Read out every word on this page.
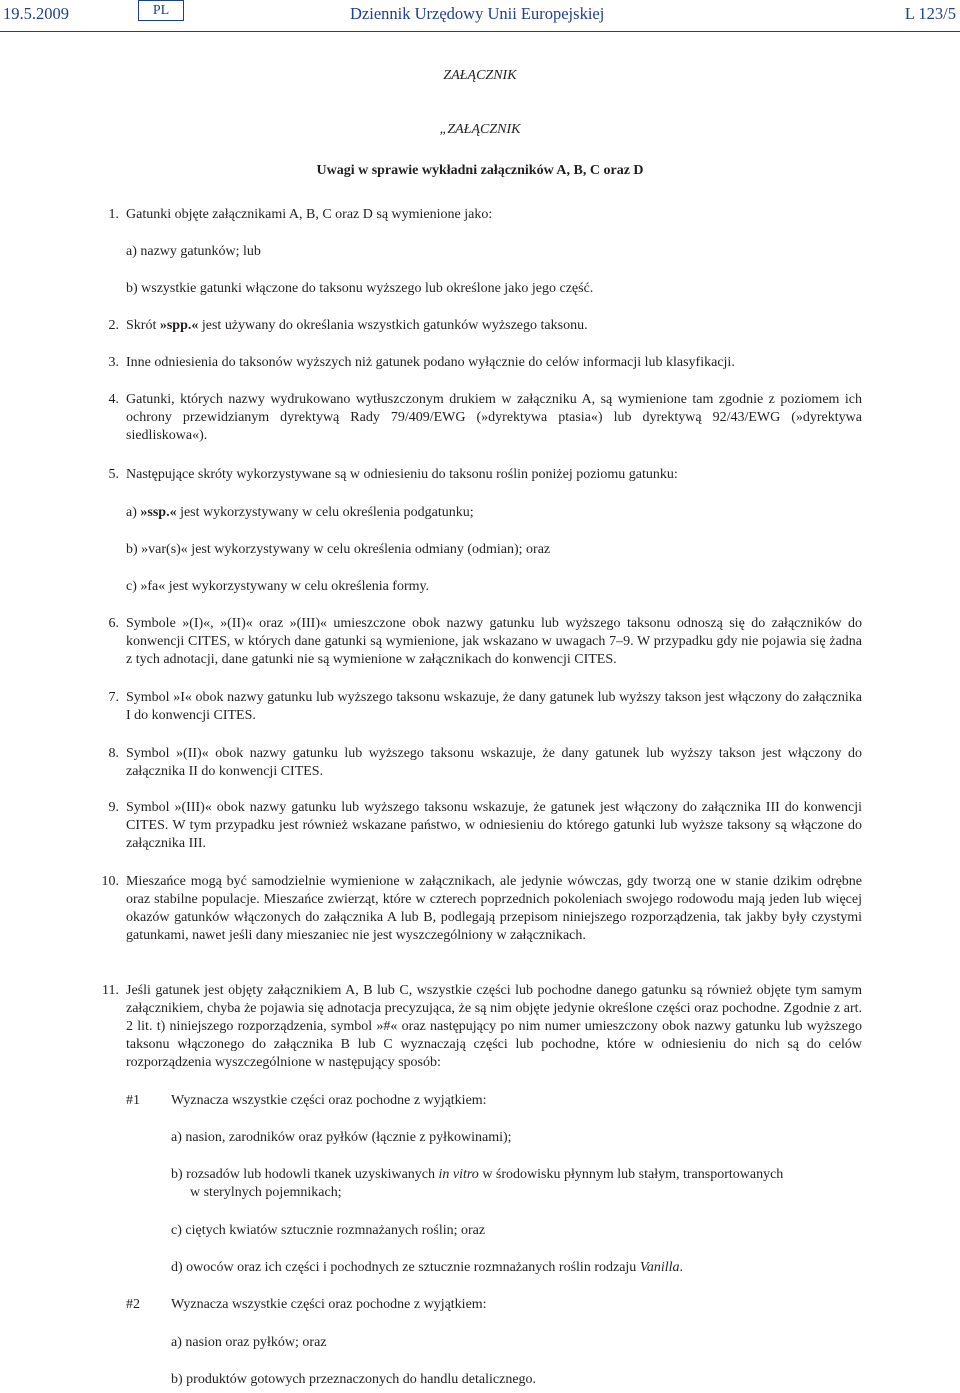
19.5.2009	PL	Dziennik Urzędowy Unii Europejskiej	L 123/5
ZAŁĄCZNIK
„ZAŁĄCZNIK
Uwagi w sprawie wykładni załączników A, B, C oraz D
1. Gatunki objęte załącznikami A, B, C oraz D są wymienione jako:
a) nazwy gatunków; lub
b) wszystkie gatunki włączone do taksonu wyższego lub określone jako jego część.
2. Skrót »spp.« jest używany do określania wszystkich gatunków wyższego taksonu.
3. Inne odniesienia do taksonów wyższych niż gatunek podano wyłącznie do celów informacji lub klasyfikacji.
4. Gatunki, których nazwy wydrukowano wytłuszczonym drukiem w załączniku A, są wymienione tam zgodnie z poziomem ich ochrony przewidzianym dyrektywą Rady 79/409/EWG (»dyrektywa ptasia«) lub dyrektywą 92/43/EWG (»dyrektywa siedliskowa«).
5. Następujące skróty wykorzystywane są w odniesieniu do taksonu roślin poniżej poziomu gatunku:
a) »ssp.« jest wykorzystywany w celu określenia podgatunku;
b) »var(s)« jest wykorzystywany w celu określenia odmiany (odmian); oraz
c) »fa« jest wykorzystywany w celu określenia formy.
6. Symbole »(I)«, »(II)« oraz »(III)« umieszczone obok nazwy gatunku lub wyższego taksonu odnoszą się do załączników do konwencji CITES, w których dane gatunki są wymienione, jak wskazano w uwagach 7–9. W przypadku gdy nie pojawia się żadna z tych adnotacji, dane gatunki nie są wymienione w załącznikach do konwencji CITES.
7. Symbol »I« obok nazwy gatunku lub wyższego taksonu wskazuje, że dany gatunek lub wyższy takson jest włączony do załącznika I do konwencji CITES.
8. Symbol »(II)« obok nazwy gatunku lub wyższego taksonu wskazuje, że dany gatunek lub wyższy takson jest włączony do załącznika II do konwencji CITES.
9. Symbol »(III)« obok nazwy gatunku lub wyższego taksonu wskazuje, że gatunek jest włączony do załącznika III do konwencji CITES. W tym przypadku jest również wskazane państwo, w odniesieniu do którego gatunki lub wyższe taksony są włączone do załącznika III.
10. Mieszańce mogą być samodzielnie wymienione w załącznikach, ale jedynie wówczas, gdy tworzą one w stanie dzikim odrębne oraz stabilne populacje. Mieszańce zwierząt, które w czterech poprzednich pokoleniach swojego rodowodu mają jeden lub więcej okazów gatunków włączonych do załącznika A lub B, podlegają przepisom niniejszego rozporządzenia, tak jakby były czystymi gatunkami, nawet jeśli dany mieszaniec nie jest wyszczególniony w załącznikach.
11. Jeśli gatunek jest objęty załącznikiem A, B lub C, wszystkie części lub pochodne danego gatunku są również objęte tym samym załącznikiem, chyba że pojawia się adnotacja precyzująca, że są nim objęte jedynie określone części oraz pochodne. Zgodnie z art. 2 lit. t) niniejszego rozporządzenia, symbol »#« oraz następujący po nim numer umieszczony obok nazwy gatunku lub wyższego taksonu włączonego do załącznika B lub C wyznaczają części lub pochodne, które w odniesieniu do nich są do celów rozporządzenia wyszczególnione w następujący sposób:
#1 Wyznacza wszystkie części oraz pochodne z wyjątkiem:
a) nasion, zarodników oraz pyłków (łącznie z pyłkowinami);
b) rozsadów lub hodowli tkanek uzyskiwanych in vitro w środowisku płynnym lub stałym, transportowanych
w sterylnych pojemnikach;
c) ciętych kwiatów sztucznie rozmnażanych roślin; oraz
d) owoców oraz ich części i pochodnych ze sztucznie rozmnażanych roślin rodzaju Vanilla.
#2 Wyznacza wszystkie części oraz pochodne z wyjątkiem:
a) nasion oraz pyłków; oraz
b) produktów gotowych przeznaczonych do handlu detalicznego.
